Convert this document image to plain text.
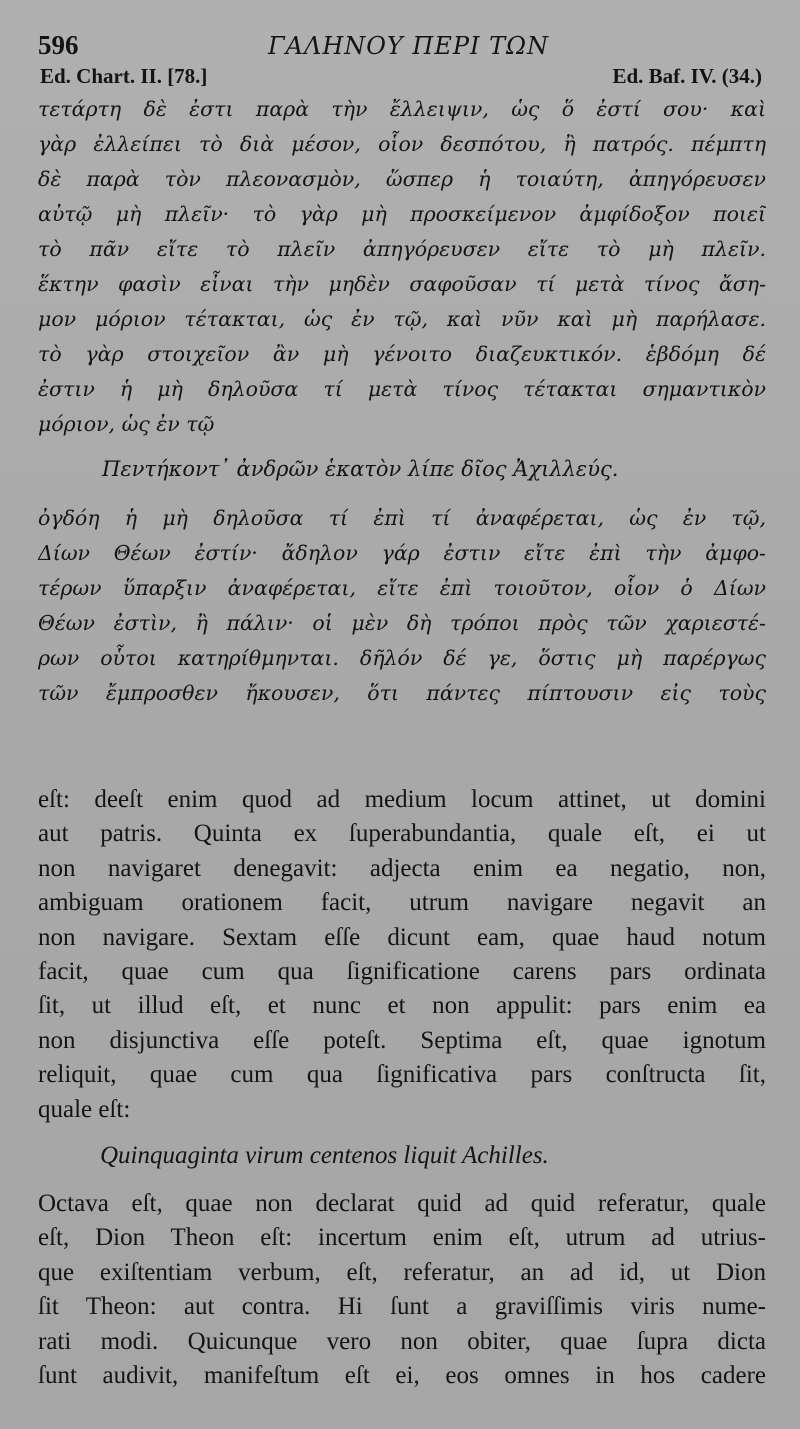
596	ΓΑΛΗΝΟΥ ΠΕΡΙ ΤΩΝ
Ed. Chart. II. [78.]	Ed. Baf. IV. (34.)
τετάρτη δὲ ἐστι παρὰ τὴν ἔλλειψιν, ὡς ὅ ἐστί σου· καὶ
γὰρ ἐλλείπει τὸ διὰ μέσον, οἷον δεσπότου, ἢ πατρός. πέμπτη
δὲ παρὰ τὸν πλεονασμὸν, ὥσπερ ἡ τοιαύτη, ἀπηγόρευσεν
αὐτῷ μὴ πλεῖν· τὸ γὰρ μὴ προσκείμενον ἀμφίδοξον ποιεῖ
τὸ πᾶν εἴτε τὸ πλεῖν ἀπηγόρευσεν εἴτε τὸ μὴ πλεῖν.
ἕκτην φασὶν εἶναι τὴν μηδὲν σαφοῦσαν τί μετὰ τίνος ἄση-
μον μόριον τέτακται, ὡς ἐν τῷ, καὶ νῦν καὶ μὴ παρήλασε.
τὸ γὰρ στοιχεῖον ἂν μὴ γένοιτο διαζευκτικόν. ἑβδόμη δέ
ἐστιν ἡ μὴ δηλοῦσα τί μετὰ τίνος τέτακται σημαντικὸν
μόριον, ὡς ἐν τῷ
Πεντήκοντ᾽ ἀνδρῶν ἑκατὸν λίπε δῖος Ἀχιλλεύς.
ὀγδόη ἡ μὴ δηλοῦσα τί ἐπὶ τί ἀναφέρεται, ὡς ἐν τῷ,
Δίων Θέων ἐστίν· ἄδηλον γάρ ἐστιν εἴτε ἐπὶ τὴν ἀμφο-
τέρων ὕπαρξιν ἀναφέρεται, εἴτε ἐπὶ τοιοῦτον, οἷον ὁ Δίων
Θέων ἐστὶν, ἢ πάλιν· οἱ μὲν δὴ τρόποι πρὸς τῶν χαριεστέ-
ρων οὗτοι κατηρίθμηνται. δῆλόν δέ γε, ὅστις μὴ παρέργως
τῶν ἔμπροσθεν ἤκουσεν, ὅτι πάντες πίπτουσιν εἰς τοὺς
eſt: deeſt enim quod ad medium locum attinet, ut domini
aut patris. Quinta ex ſuperabundantia, quale eſt, ei ut
non navigaret denegavit: adjecta enim ea negatio, non,
ambiguam orationem facit, utrum navigare negavit an
non navigare. Sextam eſſe dicunt eam, quae haud notum
facit, quae cum qua ſignificatione carens pars ordinata
ſit, ut illud eſt, et nunc et non appulit: pars enim ea
non disjunctiva eſſe poteſt. Septima eſt, quae ignotum
reliquit, quae cum qua ſignificativa pars conſtructa ſit,
quale eſt:
Quinquaginta virum centenos liquit Achilles.
Octava eſt, quae non declarat quid ad quid referatur, quale
eſt, Dion Theon eſt: incertum enim eſt, utrum ad utrius-
que exiſtentiam verbum, eſt, referatur, an ad id, ut Dion
ſit Theon: aut contra. Hi ſunt a graviſſimis viris nume-
rati modi. Quicunque vero non obiter, quae ſupra dicta
ſunt audivit, manifeſtum eſt ei, eos omnes in hos cadere
